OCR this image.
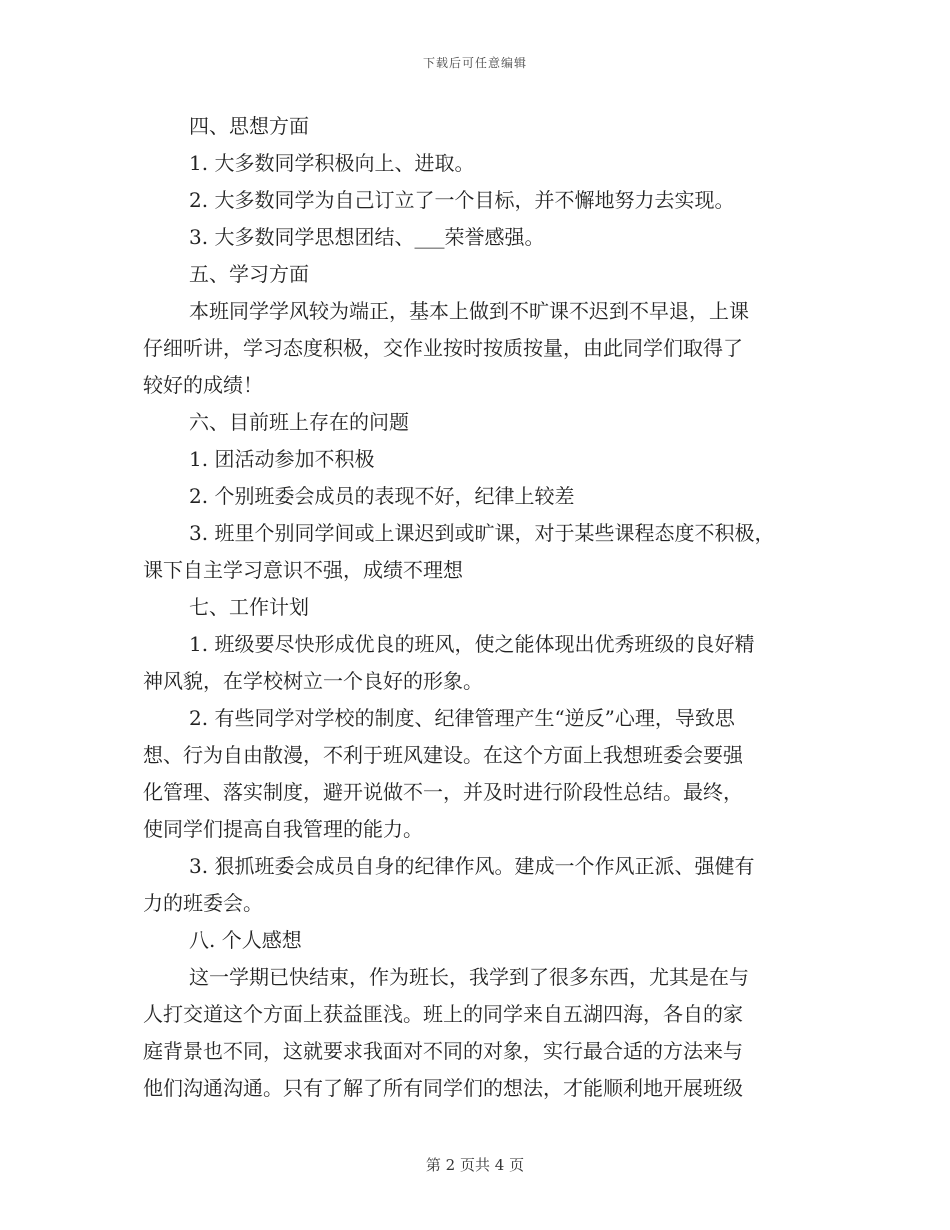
下载后可任意编辑
四、思想方面
1. 大多数同学积极向上、进取。
2. 大多数同学为自己订立了一个目标，并不懈地努力去实现。
3. 大多数同学思想团结、___荣誉感强。
五、学习方面
本班同学学风较为端正，基本上做到不旷课不迟到不早退，上课
仔细听讲，学习态度积极，交作业按时按质按量，由此同学们取得了
较好的成绩！
六、目前班上存在的问题
1. 团活动参加不积极
2. 个别班委会成员的表现不好，纪律上较差
3. 班里个别同学间或上课迟到或旷课，对于某些课程态度不积极，
课下自主学习意识不强，成绩不理想
七、工作计划
1. 班级要尽快形成优良的班风，使之能体现出优秀班级的良好精
神风貌，在学校树立一个良好的形象。
2. 有些同学对学校的制度、纪律管理产生“逆反”心理，导致思
想、行为自由散漫，不利于班风建设。在这个方面上我想班委会要强
化管理、落实制度，避开说做不一，并及时进行阶段性总结。最终，
使同学们提高自我管理的能力。
3. 狠抓班委会成员自身的纪律作风。建成一个作风正派、强健有
力的班委会。
八. 个人感想
这一学期已快结束，作为班长，我学到了很多东西，尤其是在与
人打交道这个方面上获益匪浅。班上的同学来自五湖四海，各自的家
庭背景也不同，这就要求我面对不同的对象，实行最合适的方法来与
他们沟通沟通。只有了解了所有同学们的想法，才能顺利地开展班级
第 2 页共 4 页
